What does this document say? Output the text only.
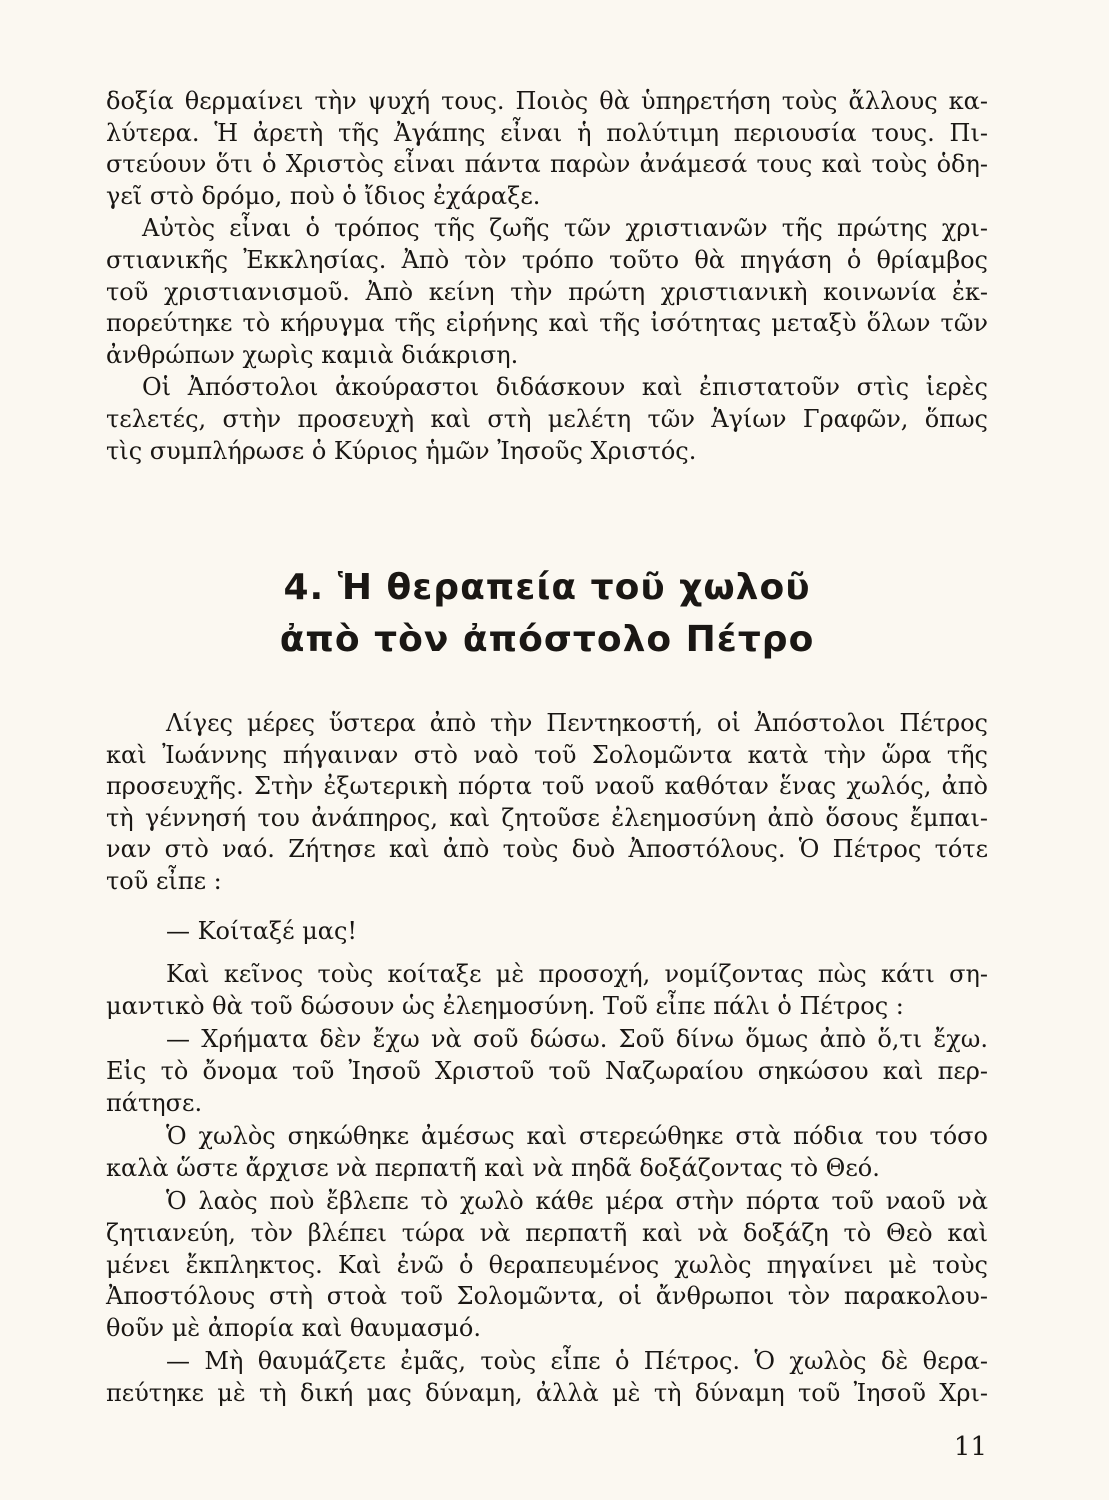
δοξία θερμαίνει τὴν ψυχή τους. Ποιὸς θὰ ὑπηρετήση τοὺς ἄλλους κα-
λύτερα. Ἡ ἀρετὴ τῆς Ἀγάπης εἶναι ἡ πολύτιμη περιουσία τους. Πι-
στεύουν ὅτι ὁ Χριστὸς εἶναι πάντα παρὼν ἀνάμεσά τους καὶ τοὺς ὁδη-
γεῖ στὸ δρόμο, ποὺ ὁ ἴδιος ἐχάραξε.

Αὐτὸς εἶναι ὁ τρόπος τῆς ζωῆς τῶν χριστιανῶν τῆς πρώτης χρι-
στιανικῆς Ἐκκλησίας. Ἀπὸ τὸν τρόπο τοῦτο θὰ πηγάση ὁ θρίαμβος
τοῦ χριστιανισμοῦ. Ἀπὸ κείνη τὴν πρώτη χριστιανικὴ κοινωνία ἐκ-
πορεύτηκε τὸ κήρυγμα τῆς εἰρήνης καὶ τῆς ἰσότητας μεταξὺ ὅλων τῶν
ἀνθρώπων χωρὶς καμιὰ διάκριση.

Οἱ Ἀπόστολοι ἀκούραστοι διδάσκουν καὶ ἐπιστατοῦν στὶς ἱερὲς
τελετές, στὴν προσευχὴ καὶ στὴ μελέτη τῶν Ἁγίων Γραφῶν, ὅπως
τὶς συμπλήρωσε ὁ Κύριος ἡμῶν Ἰησοῦς Χριστός.

4. Ἡ θεραπεία τοῦ χωλοῦ
ἀπὸ τὸν ἀπόστολο Πέτρο

Λίγες μέρες ὕστερα ἀπὸ τὴν Πεντηκοστή, οἱ Ἀπόστολοι Πέτρος
καὶ Ἰωάννης πήγαιναν στὸ ναὸ τοῦ Σολομῶντα κατὰ τὴν ὥρα τῆς
προσευχῆς. Στὴν ἐξωτερικὴ πόρτα τοῦ ναοῦ καθόταν ἕνας χωλός, ἀπὸ
τὴ γέννησή του ἀνάπηρος, καὶ ζητοῦσε ἐλεημοσύνη ἀπὸ ὅσους ἔμπαι-
ναν στὸ ναό. Ζήτησε καὶ ἀπὸ τοὺς δυὸ Ἀποστόλους. Ὁ Πέτρος τότε
τοῦ εἶπε :

— Κοίταξέ μας!

Καὶ κεῖνος τοὺς κοίταξε μὲ προσοχή, νομίζοντας πὼς κάτι ση-
μαντικὸ θὰ τοῦ δώσουν ὡς ἐλεημοσύνη. Τοῦ εἶπε πάλι ὁ Πέτρος :

— Χρήματα δὲν ἔχω νὰ σοῦ δώσω. Σοῦ δίνω ὅμως ἀπὸ ὅ,τι ἔχω.
Εἰς τὸ ὄνομα τοῦ Ἰησοῦ Χριστοῦ τοῦ Ναζωραίου σηκώσου καὶ περ-
πάτησε.

Ὁ χωλὸς σηκώθηκε ἀμέσως καὶ στερεώθηκε στὰ πόδια του τόσο
καλὰ ὥστε ἄρχισε νὰ περπατῆ καὶ νὰ πηδᾶ δοξάζοντας τὸ Θεό.

Ὁ λαὸς ποὺ ἔβλεπε τὸ χωλὸ κάθε μέρα στὴν πόρτα τοῦ ναοῦ νὰ
ζητιανεύη, τὸν βλέπει τώρα νὰ περπατῆ καὶ νὰ δοξάζη τὸ Θεὸ καὶ
μένει ἔκπληκτος. Καὶ ἐνῶ ὁ θεραπευμένος χωλὸς πηγαίνει μὲ τοὺς
Ἀποστόλους στὴ στοὰ τοῦ Σολομῶντα, οἱ ἄνθρωποι τὸν παρακολου-
θοῦν μὲ ἀπορία καὶ θαυμασμό.

— Μὴ θαυμάζετε ἐμᾶς, τοὺς εἶπε ὁ Πέτρος. Ὁ χωλὸς δὲ θερα-
πεύτηκε μὲ τὴ δική μας δύναμη, ἀλλὰ μὲ τὴ δύναμη τοῦ Ἰησοῦ Χρι-

11
